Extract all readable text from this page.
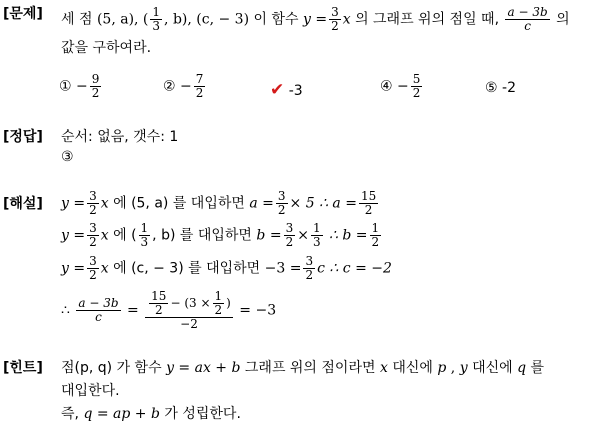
[문제] 세 점 (5, a), ( $\frac{1}{3}$ , b), (c, − 3) 이 함수 $y = \frac{3}{2}$ x 의 그래프 위의 점일 때, $\frac{a - 3b}{c}$ 의
값을 구하여라.
① − $\frac{9}{2}$	② − $\frac{7}{2}$	✔ -3	④ − $\frac{5}{2}$	⑤ -2
[정답] 순서: 없음, 갯수: 1
③
[해설] $y = \frac{3}{2}$ x 에 (5, a) 를 대입하면 $a = \frac{3}{2} \times 5$ ∴ $a = \frac{15}{2}$
$y = \frac{3}{2}$ x 에 ( $\frac{1}{3}$ , b) 를 대입하면 $b = \frac{3}{2} \times \frac{1}{3}$ ∴ $b = \frac{1}{2}$
$y = \frac{3}{2}$ x 에 (c, − 3) 를 대입하면 $-3 = \frac{3}{2}$ c ∴ c = −2
∴ $\frac{a - 3b}{c} = \frac{\frac{15}{2} - (3 \times \frac{1}{2} )}{-2} = -3$
[힌트] 점(p, q) 가 함수 y = ax + b 그래프 위의 점이라면 x 대신에 p , y 대신에 q 를
대입한다.
즉, q = ap + b 가 성립한다.
